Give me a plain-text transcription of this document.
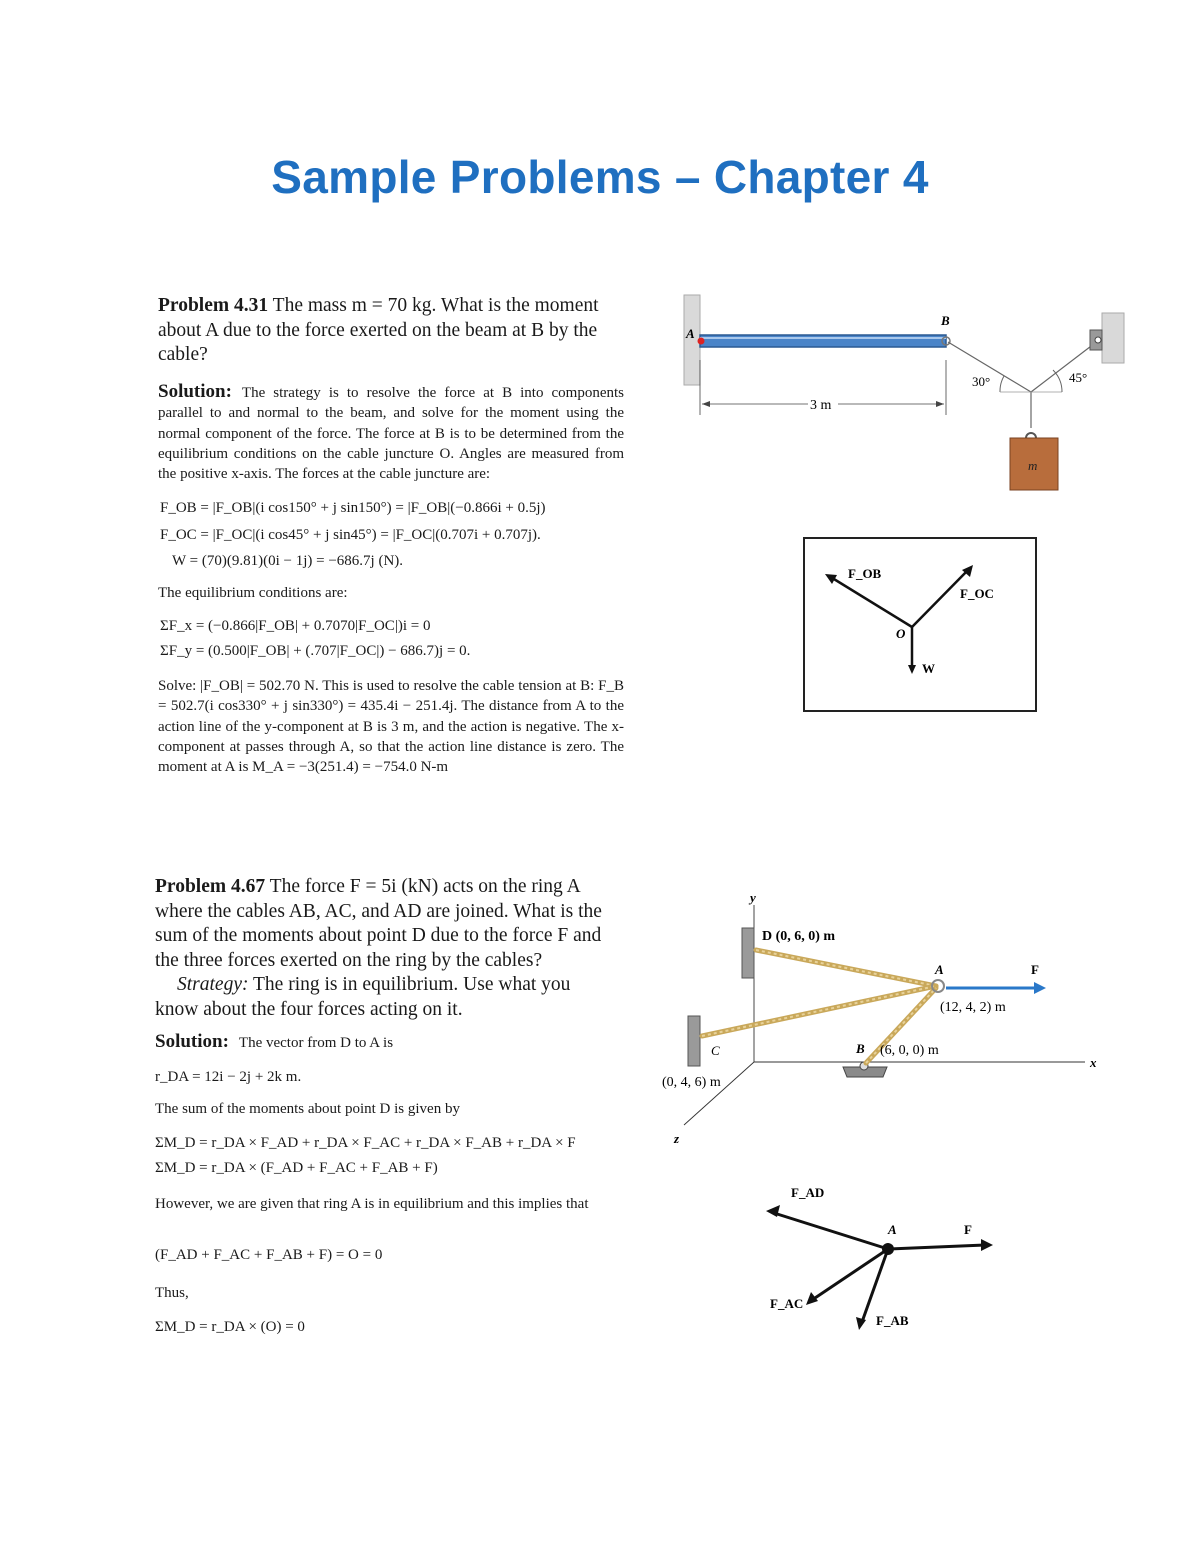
Sample Problems – Chapter 4
Problem 4.31 The mass m = 70 kg. What is the moment about A due to the force exerted on the beam at B by the cable?
Solution: The strategy is to resolve the force at B into components parallel to and normal to the beam, and solve for the moment using the normal component of the force. The force at B is to be determined from the equilibrium conditions on the cable juncture O. Angles are measured from the positive x-axis. The forces at the cable juncture are:
F_OB = |F_OB|(i cos150° + j sin150°) = |F_OB|(−0.866i + 0.5j)
F_OC = |F_OC|(i cos45° + j sin45°) = |F_OC|(0.707i + 0.707j).
W = (70)(9.81)(0i − 1j) = −686.7j (N).
The equilibrium conditions are:
ΣF_x = (−0.866|F_OB| + 0.7070|F_OC|)i = 0
ΣF_y = (0.500|F_OB| + (.707|F_OC|) − 686.7)j = 0.
Solve: |F_OB| = 502.70 N. This is used to resolve the cable tension at B: F_B = 502.7(i cos330° + j sin330°) = 435.4i − 251.4j. The distance from A to the action line of the y-component at B is 3 m, and the action is negative. The x-component at passes through A, so that the action line distance is zero. The moment at A is M_A = −3(251.4) = −754.0 N-m
A
B
3 m
30°	45°
m
F_OB
F_OC
O
W
Problem 4.67 The force F = 5i (kN) acts on the ring A where the cables AB, AC, and AD are joined. What is the sum of the moments about point D due to the force F and the three forces exerted on the ring by the cables?
Strategy: The ring is in equilibrium. Use what you know about the four forces acting on it.
Solution: The vector from D to A is
r_DA = 12i − 2j + 2k m.
The sum of the moments about point D is given by
ΣM_D = r_DA × F_AD + r_DA × F_AC + r_DA × F_AB + r_DA × F
ΣM_D = r_DA × (F_AD + F_AC + F_AB + F)
However, we are given that ring A is in equilibrium and this implies that
(F_AD + F_AC + F_AB + F) = O = 0
Thus,
ΣM_D = r_DA × (O) = 0
y
x
z
D (0, 6, 0) m
A	F
(12, 4, 2) m
C	B (6, 0, 0) m
(0, 4, 6) m
F_AD
A	F
F_AC
F_AB
